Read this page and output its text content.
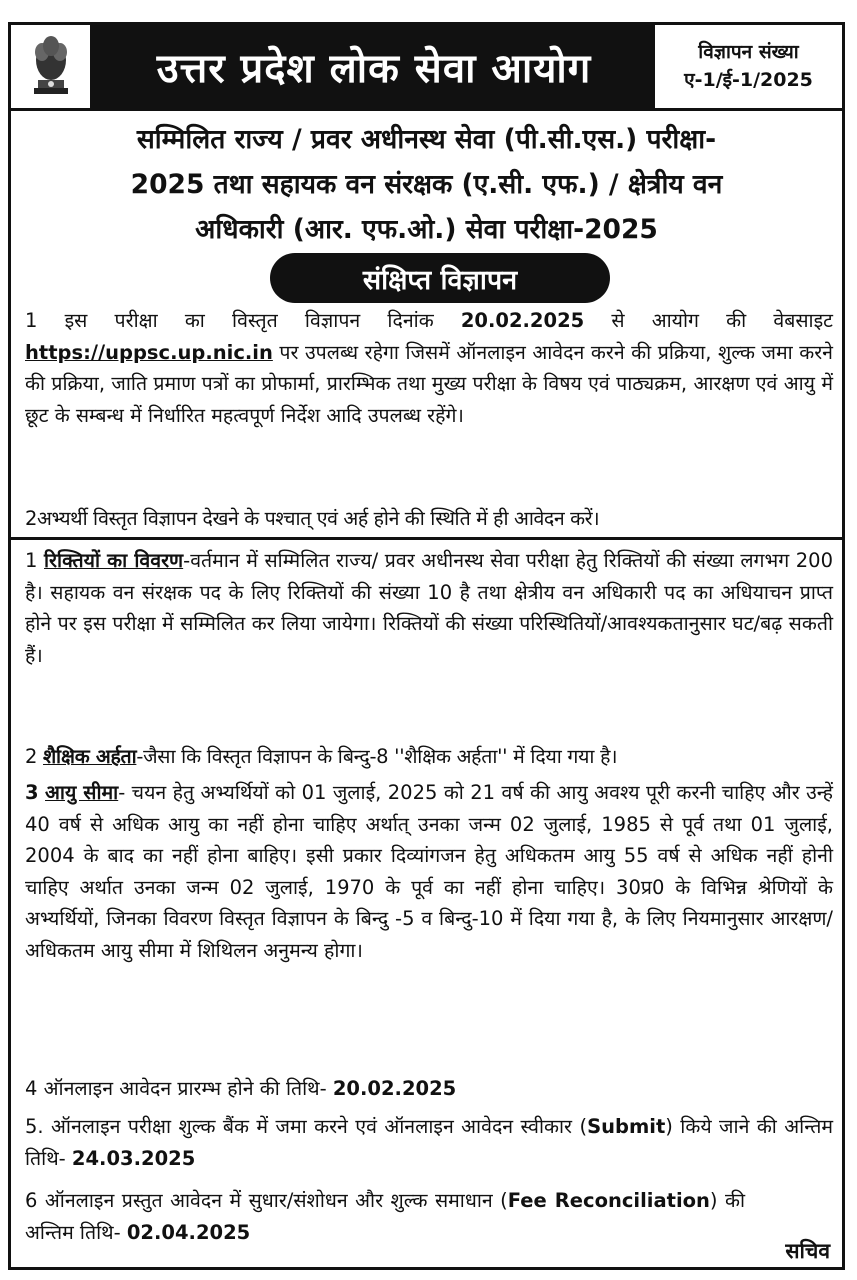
उत्तर प्रदेश लोक सेवा आयोग	विज्ञापन संख्या
ए-1/ई-1/2025
सम्मिलित राज्य / प्रवर अधीनस्थ सेवा (पी.सी.एस.) परीक्षा-
2025 तथा सहायक वन संरक्षक (ए.सी. एफ.) / क्षेत्रीय वन
अधिकारी (आर. एफ.ओ.) सेवा परीक्षा-2025
संक्षिप्त विज्ञापन
1 इस परीक्षा का विस्तृत विज्ञापन दिनांक 20.02.2025 से आयोग की वेबसाइट https://uppsc.up.nic.in पर उपलब्ध रहेगा जिसमें ऑनलाइन आवेदन करने की प्रक्रिया, शुल्क जमा करने की प्रक्रिया, जाति प्रमाण पत्रों का प्रोफार्मा, प्रारम्भिक तथा मुख्य परीक्षा के विषय एवं पाठ्यक्रम, आरक्षण एवं आयु में छूट के सम्बन्ध में निर्धारित महत्वपूर्ण निर्देश आदि उपलब्ध रहेंगे।
2अभ्यर्थी विस्तृत विज्ञापन देखने के पश्चात् एवं अर्ह होने की स्थिति में ही आवेदन करें।
1 रिक्तियों का विवरण-वर्तमान में सम्मिलित राज्य/ प्रवर अधीनस्थ सेवा परीक्षा हेतु रिक्तियों की संख्या लगभग 200 है। सहायक वन संरक्षक पद के लिए रिक्तियों की संख्या 10 है तथा क्षेत्रीय वन अधिकारी पद का अधियाचन प्राप्त होने पर इस परीक्षा में सम्मिलित कर लिया जायेगा। रिक्तियों की संख्या परिस्थितियों/आवश्यकतानुसार घट/बढ़ सकती हैं।
2 शैक्षिक अर्हता-जैसा कि विस्तृत विज्ञापन के बिन्दु-8 ''शैक्षिक अर्हता'' में दिया गया है।
3 आयु सीमा- चयन हेतु अभ्यर्थियों को 01 जुलाई, 2025 को 21 वर्ष की आयु अवश्य पूरी करनी चाहिए और उन्हें 40 वर्ष से अधिक आयु का नहीं होना चाहिए अर्थात् उनका जन्म 02 जुलाई, 1985 से पूर्व तथा 01 जुलाई, 2004 के बाद का नहीं होना बाहिए। इसी प्रकार दिव्यांगजन हेतु अधिकतम आयु 55 वर्ष से अधिक नहीं होनी चाहिए अर्थात उनका जन्म 02 जुलाई, 1970 के पूर्व का नहीं होना चाहिए। 30प्र0 के विभिन्न श्रेणियों के अभ्यर्थियों, जिनका विवरण विस्तृत विज्ञापन के बिन्दु -5 व बिन्दु-10 में दिया गया है, के लिए नियमानुसार आरक्षण/अधिकतम आयु सीमा में शिथिलन अनुमन्य होगा।
4 ऑनलाइन आवेदन प्रारम्भ होने की तिथि- 20.02.2025
5. ऑनलाइन परीक्षा शुल्क बैंक में जमा करने एवं ऑनलाइन आवेदन स्वीकार (Submit) किये जाने की अन्तिम तिथि- 24.03.2025
6 ऑनलाइन प्रस्तुत आवेदन में सुधार/संशोधन और शुल्क समाधान (Fee Reconciliation) की अन्तिम तिथि- 02.04.2025
सचिव
